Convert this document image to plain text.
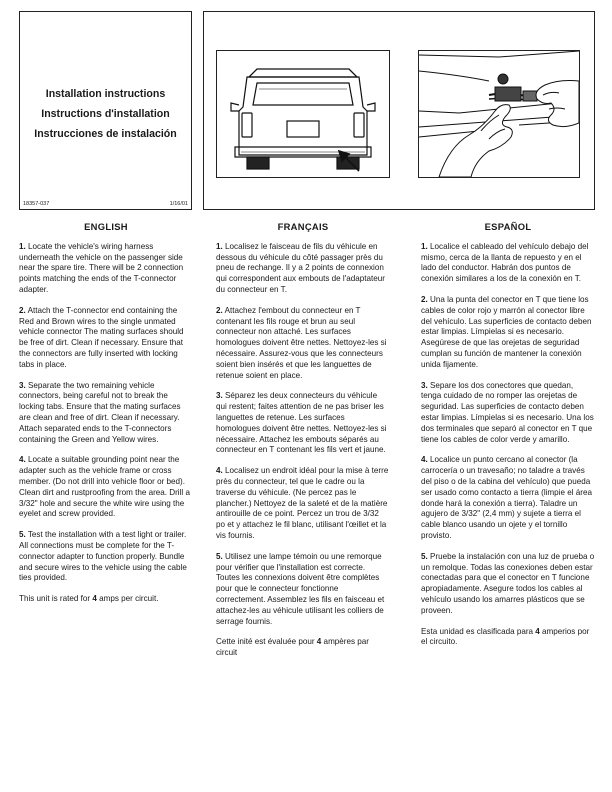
Installation instructions
Instructions d'installation
Instrucciones de instalación
18357-037	1/16/01
ENGLISH

1. Locate the vehicle's wiring harness underneath the vehicle on the passenger side near the spare tire. There will be 2 connection points matching the ends of the T-connector adapter.

2. Attach the T-connector end containing the Red and Brown wires to the single unmated vehicle connector The mating surfaces should be free of dirt. Clean if necessary. Ensure that the connectors are fully inserted with locking tabs in place.

3. Separate the two remaining vehicle connectors, being careful not to break the locking tabs. Ensure that the mating surfaces are clean and free of dirt. Clean if necessary. Attach separated ends to the T-connectors containing the Green and Yellow wires.

4. Locate a suitable grounding point near the adapter such as the vehicle frame or cross member. (Do not drill into vehicle floor or bed). Clean dirt and rustproofing from the area. Drill a 3/32" hole and secure the white wire using the eyelet and screw provided.

5. Test the installation with a test light or trailer. All connections must be complete for the T-connector adapter to function properly. Bundle and secure wires to the vehicle using the cable ties provided.

This unit is rated for 4 amps per circuit.

FRANÇAIS

1. Localisez le faisceau de fils du véhicule en dessous du véhicule du côté passager près du pneu de rechange. Il y a 2 points de connexion qui correspondent aux embouts de l'adaptateur du connecteur en T.

2. Attachez l'embout du connecteur en T contenant les fils rouge et brun au seul connecteur non attaché. Les surfaces homologues doivent être nettes. Nettoyez-les si nécessaire. Assurez-vous que les connecteurs soient bien insérés et que les languettes de retenue soient en place.

3. Séparez les deux connecteurs du véhicule qui restent; faites attention de ne pas briser les languettes de retenue. Les surfaces homologues doivent être nettes. Nettoyez-les si nécessaire. Attachez les embouts séparés au connecteur en T contenant les fils vert et jaune.

4. Localisez un endroit idéal pour la mise à terre près du connecteur, tel que le cadre ou la traverse du véhicule. (Ne percez pas le plancher.) Nettoyez de la saleté et de la matière antirouille de ce point. Percez un trou de 3/32 po et y attachez le fil blanc, utilisant l'œillet et la vis fournis.

5. Utilisez une lampe témoin ou une remorque pour vérifier que l'installation est correcte. Toutes les connexions doivent être complètes pour que le connecteur fonctionne correctement. Assemblez les fils en faisceau et attachez-les au véhicule utilisant les colliers de serrage fournis.

Cette inité est évaluée pour 4 ampères par circuit

ESPAÑOL

1. Localice el cableado del vehículo debajo del mismo, cerca de la llanta de repuesto y en el lado del conductor. Habrán dos puntos de conexión similares a los de la conexión en T.

2. Una la punta del conector en T que tiene los cables de color rojo y marrón al conector libre del vehículo. Las superficies de contacto deben estar limpias. Límpielas si es necesario. Asegúrese de que las orejetas de seguridad cumplan su función de mantener la conexión unida fijamente.

3. Separe los dos conectores que quedan, tenga cuidado de no romper las orejetas de seguridad. Las superficies de contacto deben estar limpias. Límpielas si es necesario. Una los dos terminales que separó al conector en T que tiene los cables de color verde y amarillo.

4. Localice un punto cercano al conector (la carrocería o un travesaño; no taladre a través del piso o de la cabina del vehículo) que pueda ser usado como contacto a tierra (limpie el área donde hará la conexión a tierra). Taladre un agujero de 3/32" (2,4 mm) y sujete a tierra el cable blanco usando un ojete y el tornillo provisto.

5. Pruebe la instalación con una luz de prueba o un remolque. Todas las conexiones deben estar conectadas para que el conector en T funcione apropiadamente. Asegure todos los cables al vehículo usando los amarres plásticos que se proveen.

Esta unidad es clasificada para 4 amperios por el circuito.
